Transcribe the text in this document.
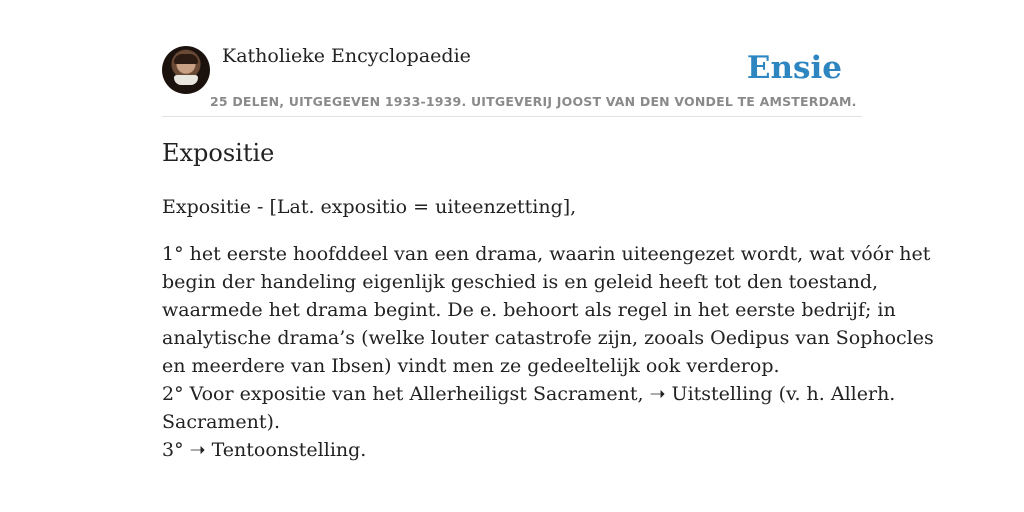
Katholieke Encyclopaedie	Ensie
25 DELEN, UITGEGEVEN 1933-1939. UITGEVERIJ JOOST VAN DEN VONDEL TE AMSTERDAM.
Expositie

Expositie - [Lat. expositio = uiteenzetting],

1° het eerste hoofddeel van een drama, waarin uiteengezet wordt, wat vóór het
begin der handeling eigenlijk geschied is en geleid heeft tot den toestand,
waarmede het drama begint. De e. behoort als regel in het eerste bedrijf; in
analytische drama’s (welke louter catastrofe zijn, zooals Oedipus van Sophocles
en meerdere van Ibsen) vindt men ze gedeeltelijk ook verderop.
2° Voor expositie van het Allerheiligst Sacrament, ➝ Uitstelling (v. h. Allerh.
Sacrament).
3° ➝ Tentoonstelling.
